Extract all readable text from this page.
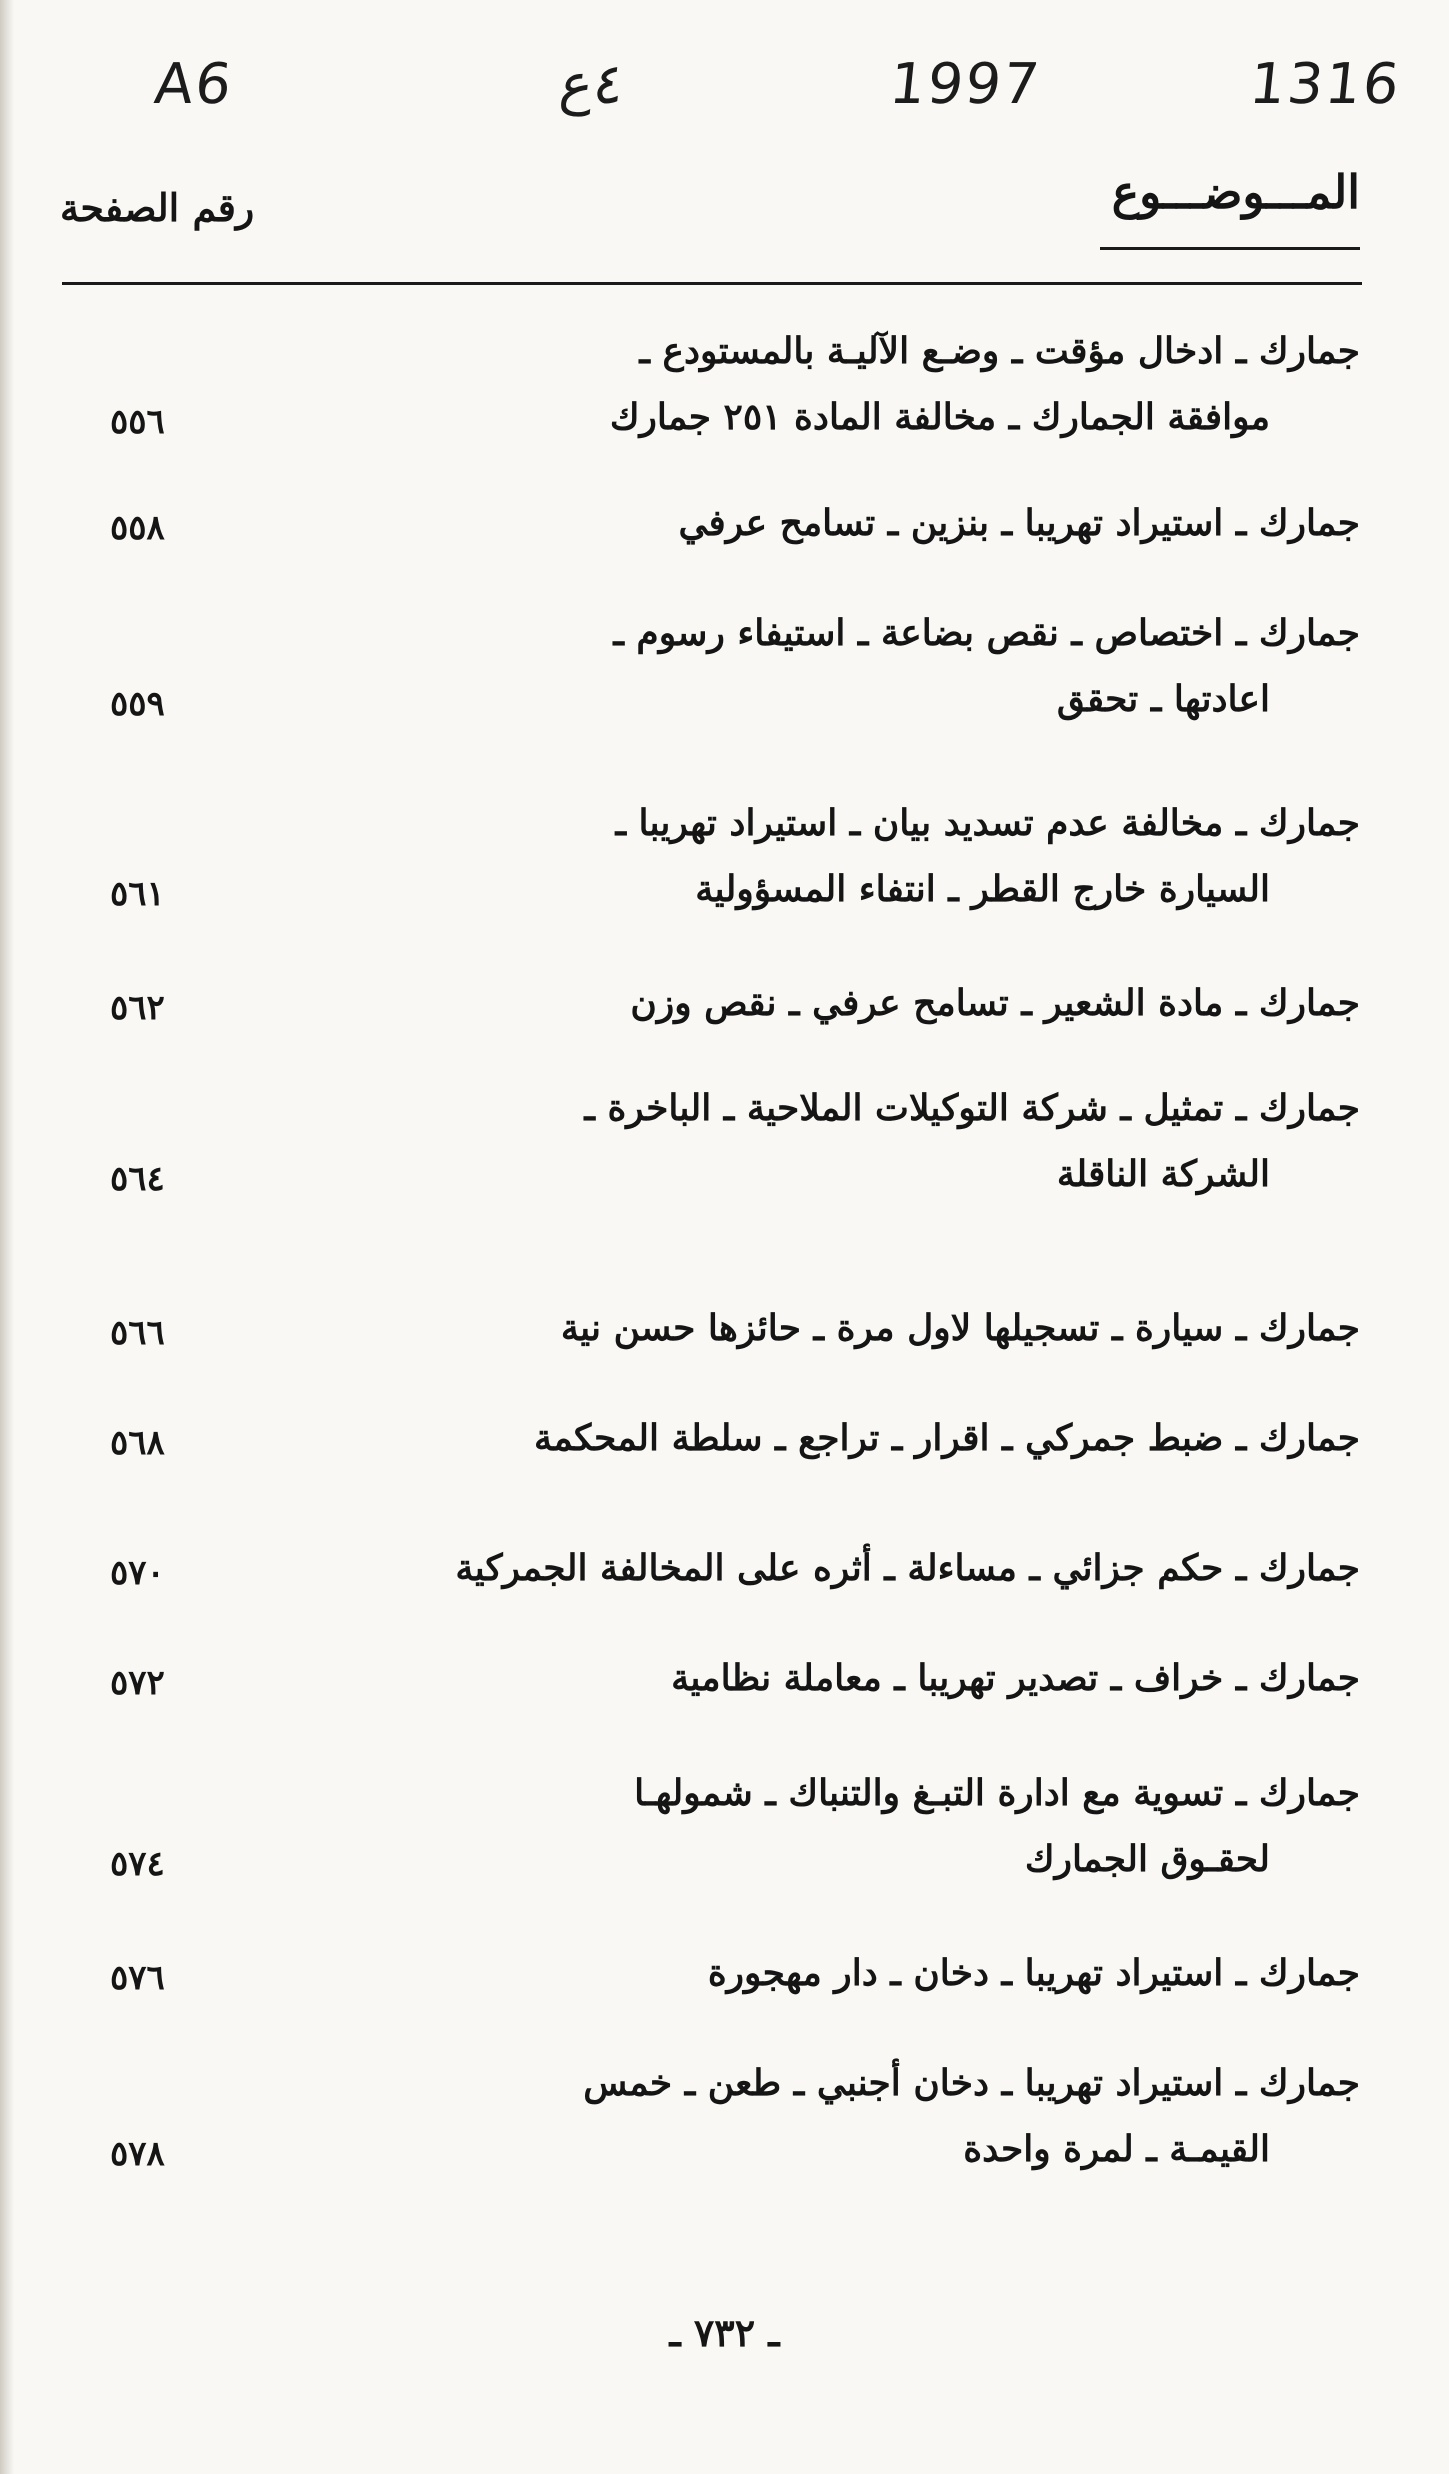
A6	٤ع	1997	1316
المـــوضـــوع
رقم الصفحة
جمارك ـ ادخال مؤقت ـ وضـع الآليـة بالمستودع ـ
موافقة الجمارك ـ مخالفة المادة ٢٥١ جمارك
٥٥٦
جمارك ـ استيراد تهريبا ـ بنزين ـ تسامح عرفي
٥٥٨
جمارك ـ اختصاص ـ نقص بضاعة ـ استيفاء رسوم ـ
اعادتها ـ تحقق
٥٥٩
جمارك ـ مخالفة عدم تسديد بيان ـ استيراد تهريبا ـ
السيارة خارج القطر ـ انتفاء المسؤولية
٥٦١
جمارك ـ مادة الشعير ـ تسامح عرفي ـ نقص وزن
٥٦٢
جمارك ـ تمثيل ـ شركة التوكيلات الملاحية ـ الباخرة ـ
الشركة الناقلة
٥٦٤
جمارك ـ سيارة ـ تسجيلها لاول مرة ـ حائزها حسن نية
٥٦٦
جمارك ـ ضبط جمركي ـ اقرار ـ تراجع ـ سلطة المحكمة
٥٦٨
جمارك ـ حكم جزائي ـ مساءلة ـ أثره على المخالفة الجمركية
٥٧٠
جمارك ـ خراف ـ تصدير تهريبا ـ معاملة نظامية
٥٧٢
جمارك ـ تسوية مع ادارة التبـغ والتنباك ـ شمولهـا
لحقـوق الجمارك
٥٧٤
جمارك ـ استيراد تهريبا ـ دخان ـ دار مهجورة
٥٧٦
جمارك ـ استيراد تهريبا ـ دخان أجنبي ـ طعن ـ خمس
القيمـة ـ لمرة واحدة
٥٧٨
ـ ٧٣٢ ـ
